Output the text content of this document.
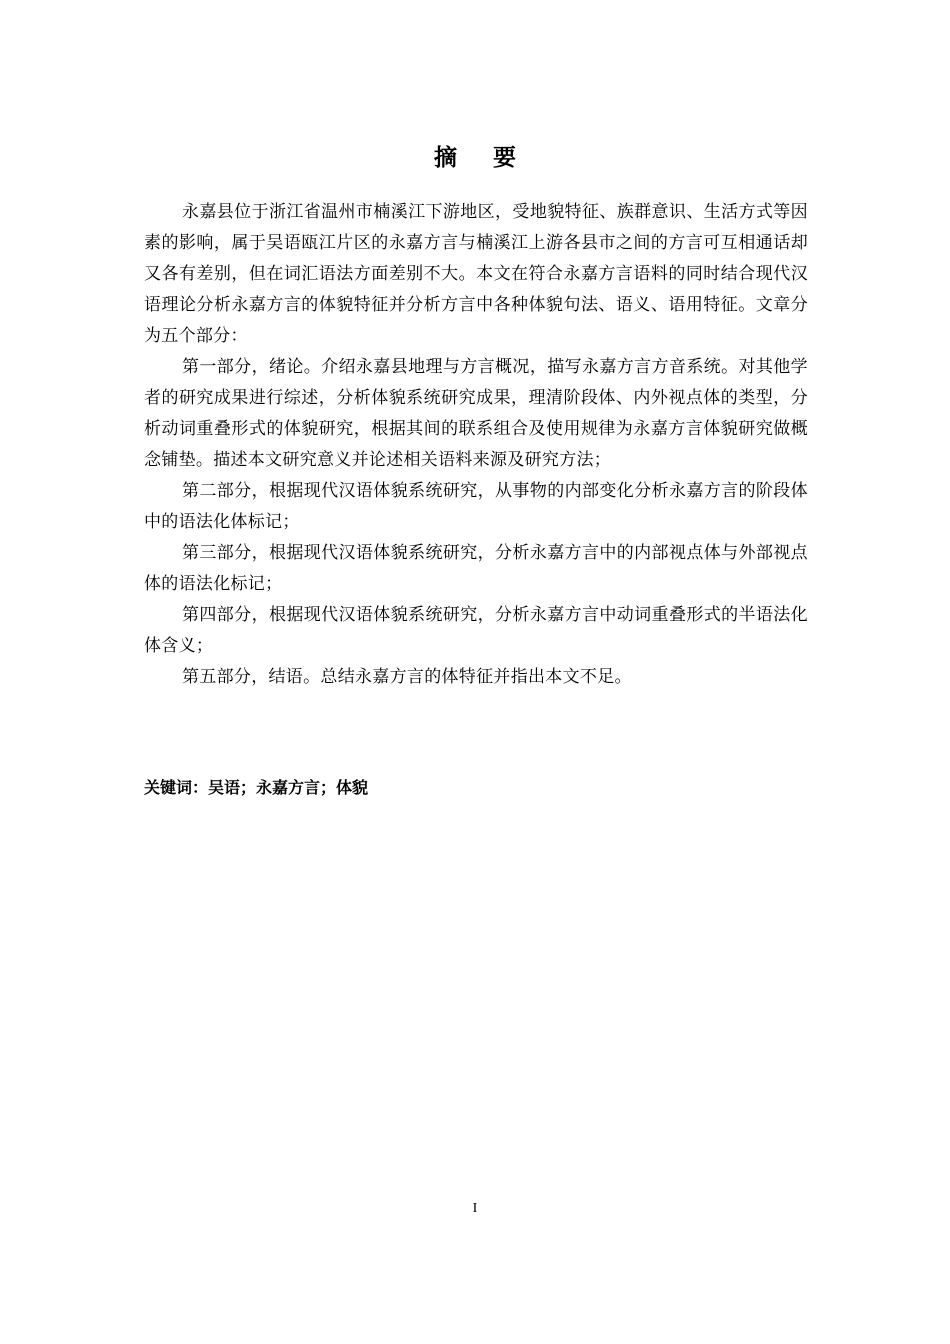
摘 要

永嘉县位于浙江省温州市楠溪江下游地区，受地貌特征、族群意识、生活方式等因素的影响，属于吴语瓯江片区的永嘉方言与楠溪江上游各县市之间的方言可互相通话却又各有差别，但在词汇语法方面差别不大。本文在符合永嘉方言语料的同时结合现代汉语理论分析永嘉方言的体貌特征并分析方言中各种体貌句法、语义、语用特征。文章分为五个部分：

第一部分，绪论。介绍永嘉县地理与方言概况，描写永嘉方言方音系统。对其他学者的研究成果进行综述，分析体貌系统研究成果，理清阶段体、内外视点体的类型，分析动词重叠形式的体貌研究，根据其间的联系组合及使用规律为永嘉方言体貌研究做概念铺垫。描述本文研究意义并论述相关语料来源及研究方法；

第二部分，根据现代汉语体貌系统研究，从事物的内部变化分析永嘉方言的阶段体中的语法化体标记；

第三部分，根据现代汉语体貌系统研究，分析永嘉方言中的内部视点体与外部视点体的语法化标记；

第四部分，根据现代汉语体貌系统研究，分析永嘉方言中动词重叠形式的半语法化体含义；

第五部分，结语。总结永嘉方言的体特征并指出本文不足。

关键词：吴语；永嘉方言；体貌
I
